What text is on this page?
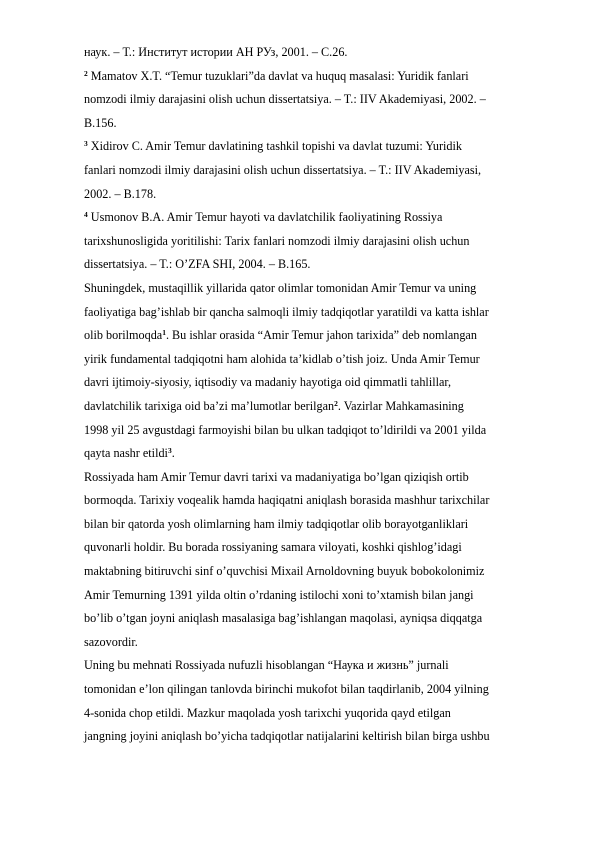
наук. – Т.: Институт истории АН РУз, 2001. – С.26.
$^2$ Mamatov X.T. “Temur tuzuklari”da davlat va huquq masalasi: Yuridik fanlari
nomzodi ilmiy darajasini olish uchun dissertatsiya. – T.: IIV Akademiyasi, 2002. –
B.156.
$^3$ Xidirov C. Amir Temur davlatining tashkil topishi va davlat tuzumi: Yuridik
fanlari nomzodi ilmiy darajasini olish uchun dissertatsiya. – T.: IIV Akademiyasi,
2002. – B.178.
$^4$ Usmonov B.A. Amir Temur hayoti va davlatchilik faoliyatining Rossiya
tarixshunosligida yoritilishi: Tarix fanlari nomzodi ilmiy darajasini olish uchun
dissertatsiya. – T.: O’ZFA SHI, 2004. – B.165.
Shuningdek, mustaqillik yillarida qator olimlar tomonidan Amir Temur va uning
faoliyatiga bag’ishlab bir qancha salmoqli ilmiy tadqiqotlar yaratildi va katta ishlar
olib borilmoqda$^1$. Bu ishlar orasida “Amir Temur jahon tarixida” deb nomlangan
yirik fundamental tadqiqotni ham alohida ta’kidlab o’tish joiz. Unda Amir Temur
davri ijtimoiy-siyosiy, iqtisodiy va madaniy hayotiga oid qimmatli tahlillar,
davlatchilik tarixiga oid ba’zi ma’lumotlar berilgan$^2$. Vazirlar Mahkamasining
1998 yil 25 avgustdagi farmoyishi bilan bu ulkan tadqiqot to’ldirildi va 2001 yilda
qayta nashr etildi$^3$.
Rossiyada ham Amir Temur davri tarixi va madaniyatiga bo’lgan qiziqish ortib
bormoqda. Tarixiy voqealik hamda haqiqatni aniqlash borasida mashhur tarixchilar
bilan bir qatorda yosh olimlarning ham ilmiy tadqiqotlar olib borayotganliklari
quvonarli holdir. Bu borada rossiyaning samara viloyati, koshki qishlog’idagi
maktabning bitiruvchi sinf o’quvchisi Mixail Arnoldovning buyuk bobokolonimiz
Amir Temurning 1391 yilda oltin o’rdaning istilochi xoni to’xtamish bilan jangi
bo’lib o’tgan joyni aniqlash masalasiga bag’ishlangan maqolasi, ayniqsa diqqatga
sazovordir.
Uning bu mehnati Rossiyada nufuzli hisoblangan “Наука и жизнь” jurnali
tomonidan e’lon qilingan tanlovda birinchi mukofot bilan taqdirlanib, 2004 yilning
4-sonida chop etildi. Mazkur maqolada yosh tarixchi yuqorida qayd etilgan
jangning joyini aniqlash bo’yicha tadqiqotlar natijalarini keltirish bilan birga ushbu
